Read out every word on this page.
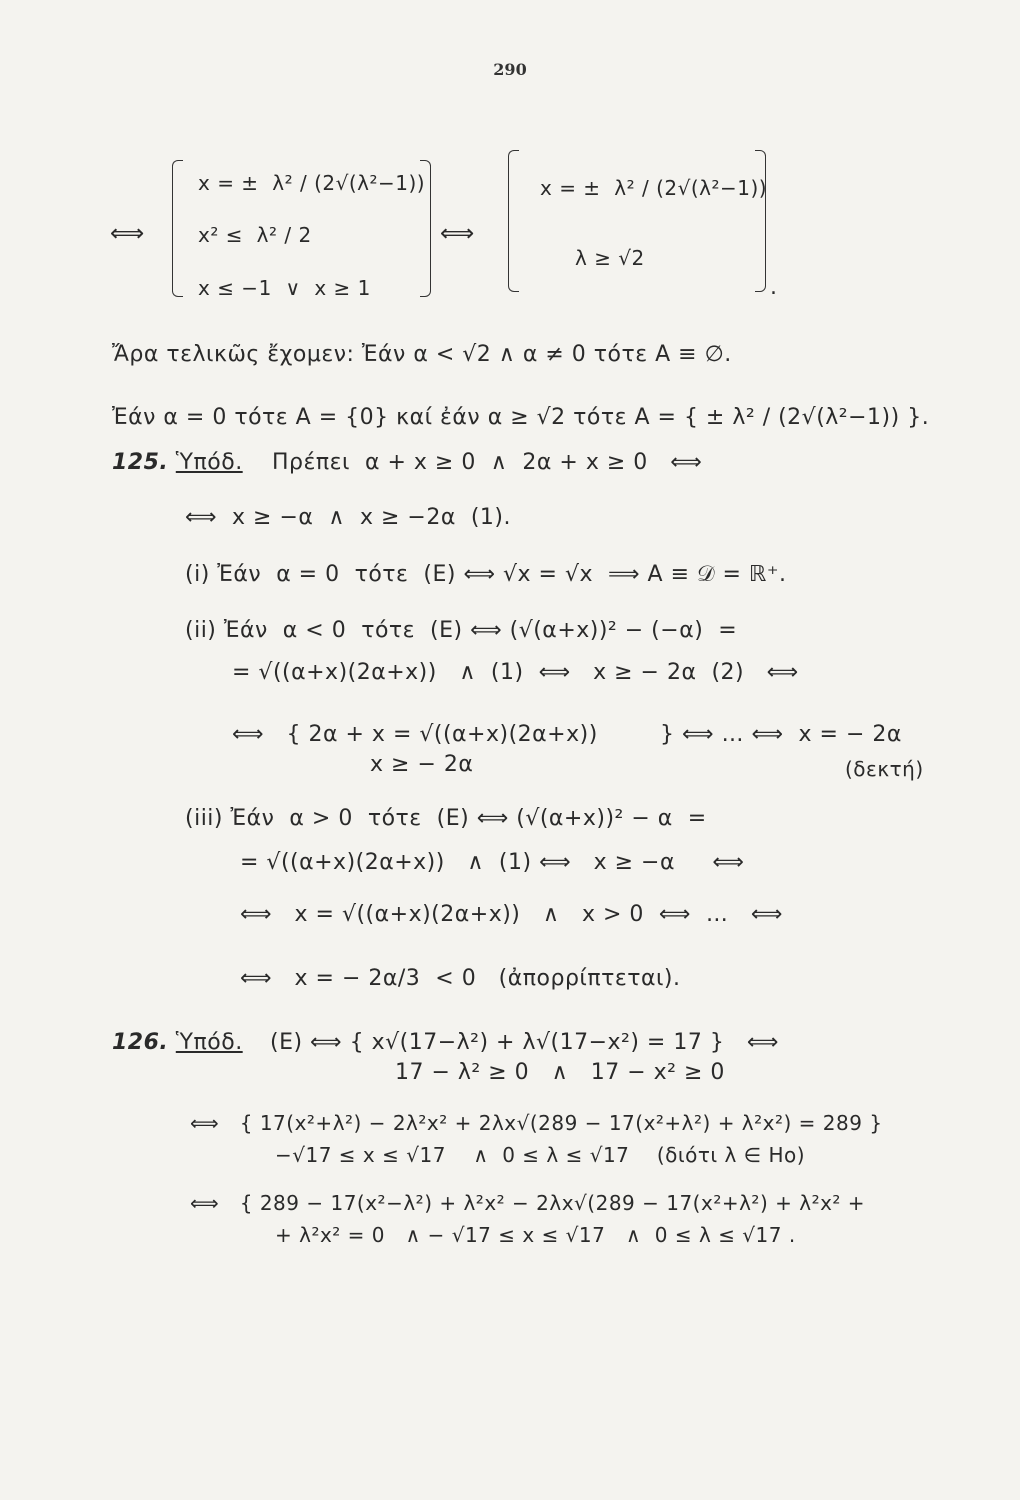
290
⟺
x = ±  λ² / (2√(λ²−1))
x² ≤  λ² / 2
x ≤ −1  ∨  x ≥ 1
⟺
x = ±  λ² / (2√(λ²−1))
λ ≥ √2
.
Ἄρα τελικῶς ἔχομεν: Ἐάν α < √2 ∧ α ≠ 0 τότε A ≡ ∅.
Ἐάν α = 0 τότε A = {0} καί ἐάν α ≥ √2 τότε A = { ± λ² / (2√(λ²−1)) }.
125. Ὑπόδ. Πρέπει  α + x ≥ 0  ∧  2α + x ≥ 0   ⟺
⟺  x ≥ −α  ∧  x ≥ −2α  (1).
(i) Ἐάν  α = 0  τότε  (E) ⟺ √x = √x  ⟹ A ≡ 𝒟 = ℝ⁺.
(ii) Ἐάν  α < 0  τότε  (E) ⟺ (√(α+x))² − (−α)  =
= √((α+x)(2α+x))   ∧  (1)  ⟺   x ≥ − 2α  (2)   ⟺
⟺   { 2α + x = √((α+x)(2α+x))
x ≥ − 2α
} ⟺ … ⟺  x = − 2α
(δεκτή)
(iii) Ἐάν  α > 0  τότε  (E) ⟺ (√(α+x))² − α  =
= √((α+x)(2α+x))   ∧  (1) ⟺   x ≥ −α     ⟺
⟺   x = √((α+x)(2α+x))   ∧   x > 0  ⟺  …   ⟺
⟺   x = − 2α/3  < 0   (ἀπορρίπτεται).
126. Ὑπόδ. (E) ⟺ { x√(17−λ²) + λ√(17−x²) = 17 }   ⟺
17 − λ² ≥ 0   ∧   17 − x² ≥ 0
⟺   { 17(x²+λ²) − 2λ²x² + 2λx√(289 − 17(x²+λ²) + λ²x²) = 289 }
−√17 ≤ x ≤ √17    ∧  0 ≤ λ ≤ √17    (διότι λ ∈ Ηο)
⟺   { 289 − 17(x²−λ²) + λ²x² − 2λx√(289 − 17(x²+λ²) + λ²x² +
+ λ²x² = 0   ∧ − √17 ≤ x ≤ √17   ∧  0 ≤ λ ≤ √17 .
